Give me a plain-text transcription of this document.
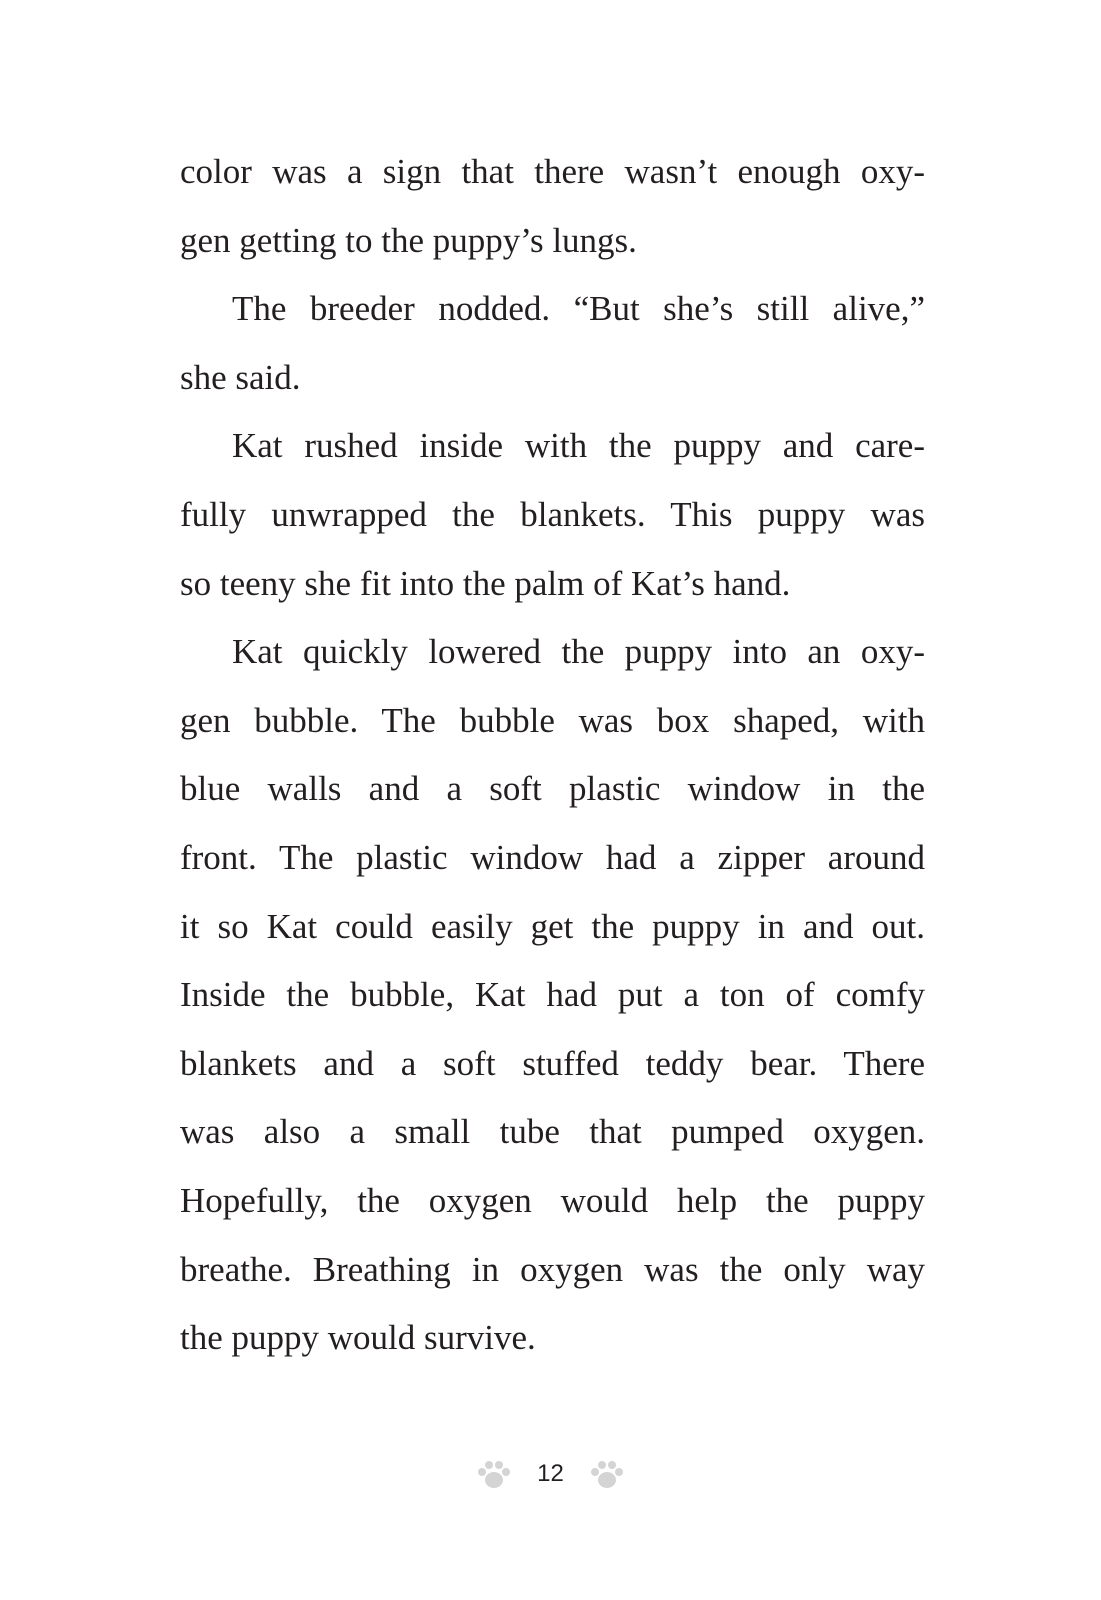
color was a sign that there wasn’t enough oxy-
gen getting to the puppy’s lungs.
The breeder nodded. “But she’s still alive,”
she said.
Kat rushed inside with the puppy and care-
fully unwrapped the blankets. This puppy was
so teeny she fit into the palm of Kat’s hand.
Kat quickly lowered the puppy into an oxy-
gen bubble. The bubble was box shaped, with
blue walls and a soft plastic window in the
front. The plastic window had a zipper around
it so Kat could easily get the puppy in and out.
Inside the bubble, Kat had put a ton of comfy
blankets and a soft stuffed teddy bear. There
was also a small tube that pumped oxygen.
Hopefully, the oxygen would help the puppy
breathe. Breathing in oxygen was the only way
the puppy would survive.
12
